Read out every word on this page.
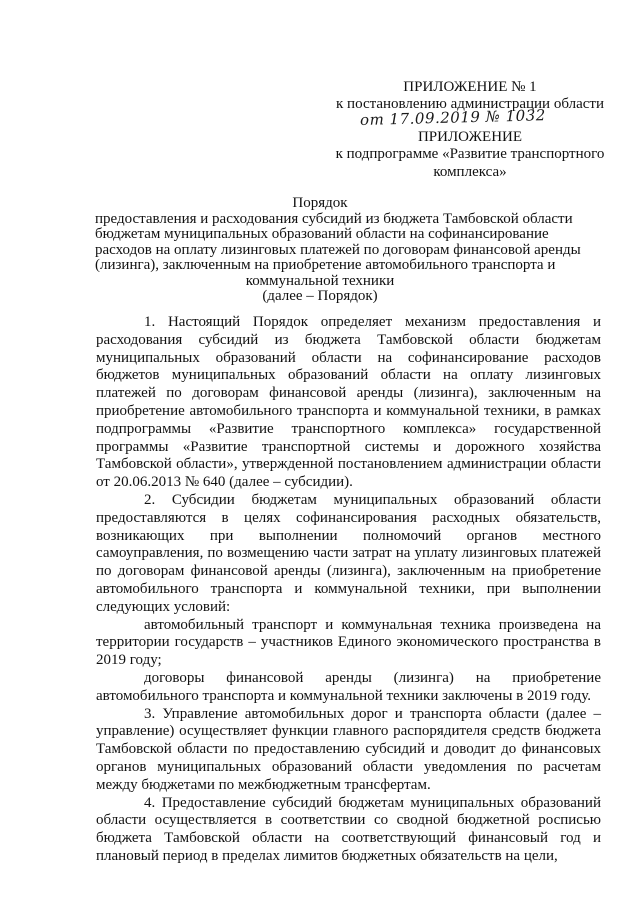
ПРИЛОЖЕНИЕ № 1
к постановлению администрации области
от 17.09.2019 № 1032
ПРИЛОЖЕНИЕ
к подпрограмме «Развитие транспортного комплекса»
Порядок
предоставления и расходования субсидий из бюджета Тамбовской области
бюджетам муниципальных образований области на софинансирование
расходов на оплату лизинговых платежей по договорам финансовой аренды
(лизинга), заключенным на приобретение автомобильного транспорта и
коммунальной техники
(далее – Порядок)

1. Настоящий Порядок определяет механизм предоставления и расходования субсидий из бюджета Тамбовской области бюджетам муниципальных образований области на софинансирование расходов бюджетов муниципальных образований области на оплату лизинговых платежей по договорам финансовой аренды (лизинга), заключенным на приобретение автомобильного транспорта и коммунальной техники, в рамках подпрограммы «Развитие транспортного комплекса» государственной программы «Развитие транспортной системы и дорожного хозяйства Тамбовской области», утвержденной постановлением администрации области от 20.06.2013 № 640 (далее – субсидии).

2. Субсидии бюджетам муниципальных образований области предоставляются в целях софинансирования расходных обязательств, возникающих при выполнении полномочий органов местного самоуправления, по возмещению части затрат на уплату лизинговых платежей по договорам финансовой аренды (лизинга), заключенным на приобретение автомобильного транспорта и коммунальной техники, при выполнении следующих условий:

автомобильный транспорт и коммунальная техника произведена на территории государств – участников Единого экономического пространства в 2019 году;

договоры финансовой аренды (лизинга) на приобретение автомобильного транспорта и коммунальной техники заключены в 2019 году.

3. Управление автомобильных дорог и транспорта области (далее – управление) осуществляет функции главного распорядителя средств бюджета Тамбовской области по предоставлению субсидий и доводит до финансовых органов муниципальных образований области уведомления по расчетам между бюджетами по межбюджетным трансфертам.

4. Предоставление субсидий бюджетам муниципальных образований области осуществляется в соответствии со сводной бюджетной росписью бюджета Тамбовской области на соответствующий финансовый год и плановый период в пределах лимитов бюджетных обязательств на цели,
